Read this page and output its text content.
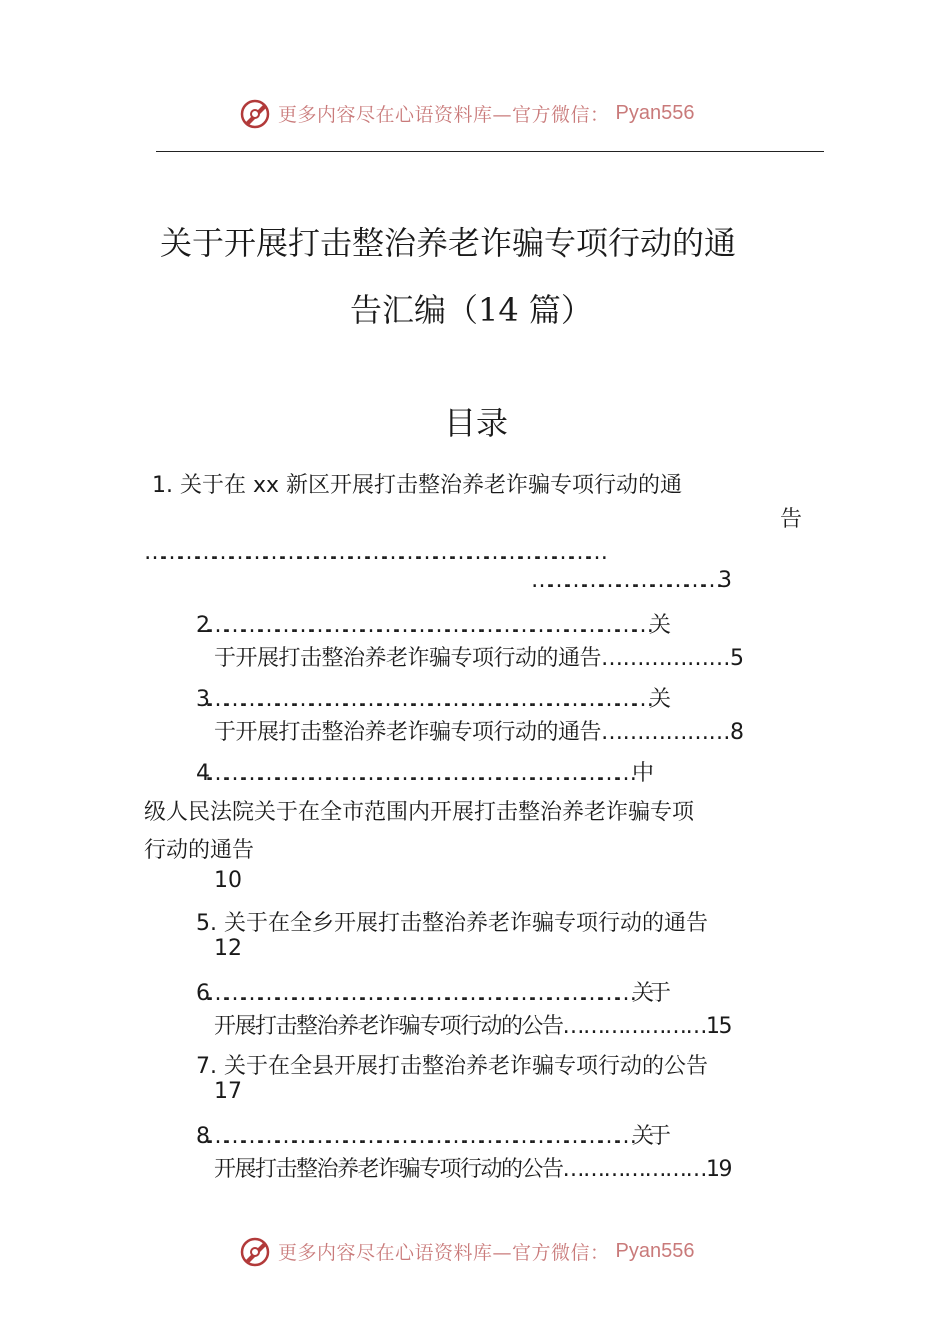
更多内容尽在心语资料库—官方微信： Pyan556
关于开展打击整治养老诈骗专项行动的通
告汇编（14 篇）
目录
1. 关于在 xx 新区开展打击整治养老诈骗专项行动的通
告
………………………………………………………………………
……………………………3
2.……………………………………………………………………关
于开展打击整治养老诈骗专项行动的通告………………5
3.……………………………………………………………………关
于开展打击整治养老诈骗专项行动的通告………………8
4.…………………………………………………………………中
级人民法院关于在全市范围内开展打击整治养老诈骗专项
行动的通告
10
5. 关于在全乡开展打击整治养老诈骗专项行动的通告
12
6.…………………………………………………………………关于
开展打击整治养老诈骗专项行动的公告…………………15
7. 关于在全县开展打击整治养老诈骗专项行动的公告
17
8.…………………………………………………………………关于
开展打击整治养老诈骗专项行动的公告…………………19
更多内容尽在心语资料库—官方微信： Pyan556
